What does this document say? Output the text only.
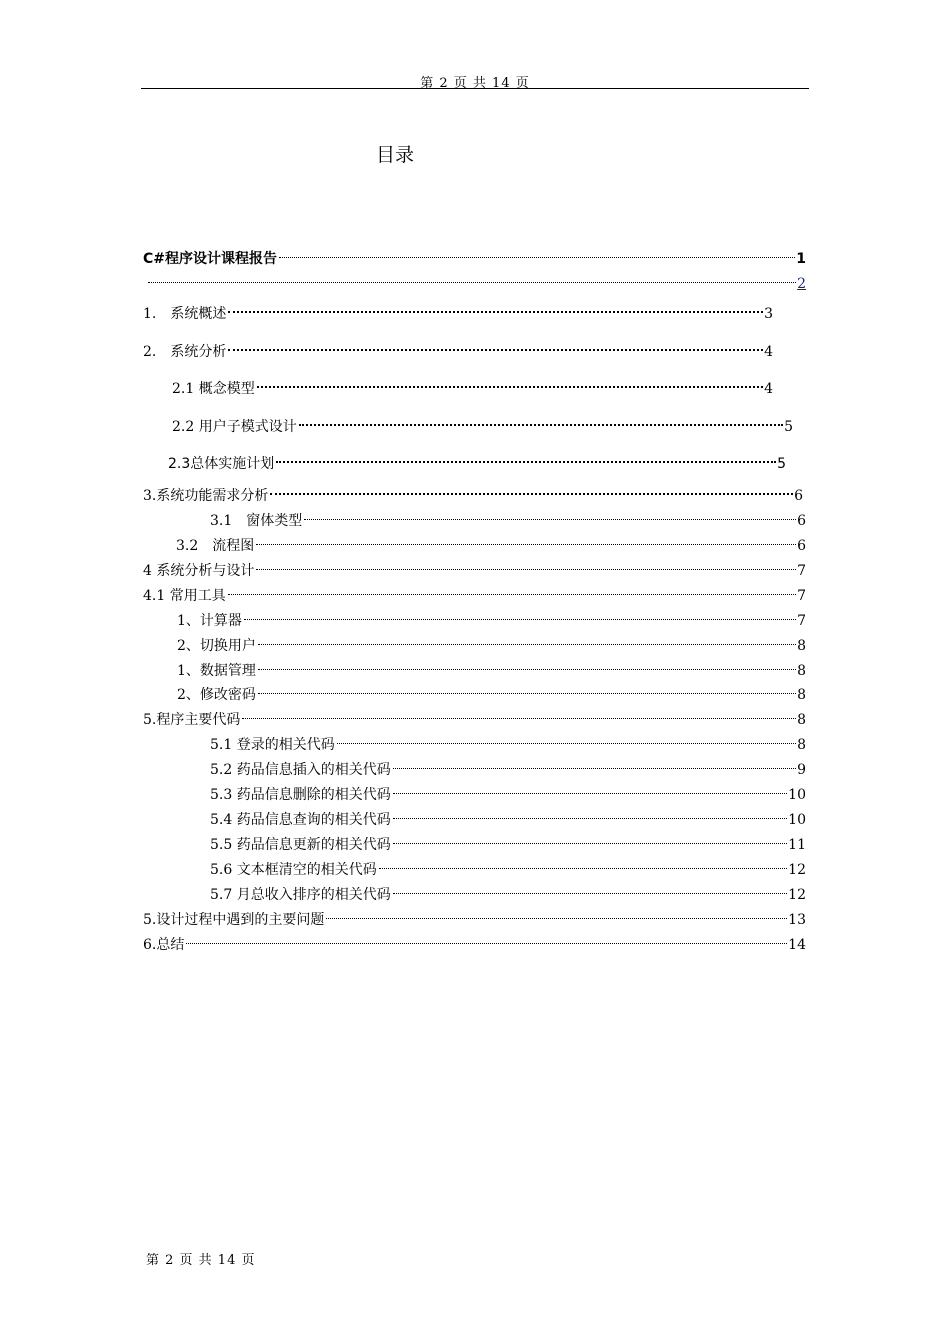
第 2 页 共 14 页
目录
C#程序设计课程报告	1
2
1.　系统概述	3
2.　系统分析	4
2.1 概念模型	4
2.2 用户子模式设计	5
2.3总体实施计划	5
3.系统功能需求分析	6
3.1　窗体类型	6
3.2　流程图	6
4 系统分析与设计	7
4.1 常用工具	7
1、计算器	7
2、切换用户	8
1、数据管理	8
2、修改密码	8
5.程序主要代码	8
5.1 登录的相关代码	8
5.2 药品信息插入的相关代码	9
5.3 药品信息删除的相关代码	10
5.4 药品信息查询的相关代码	10
5.5 药品信息更新的相关代码	11
5.6 文本框清空的相关代码	12
5.7 月总收入排序的相关代码	12
5.设计过程中遇到的主要问题	13
6.总结	14
第 2 页 共 14 页
